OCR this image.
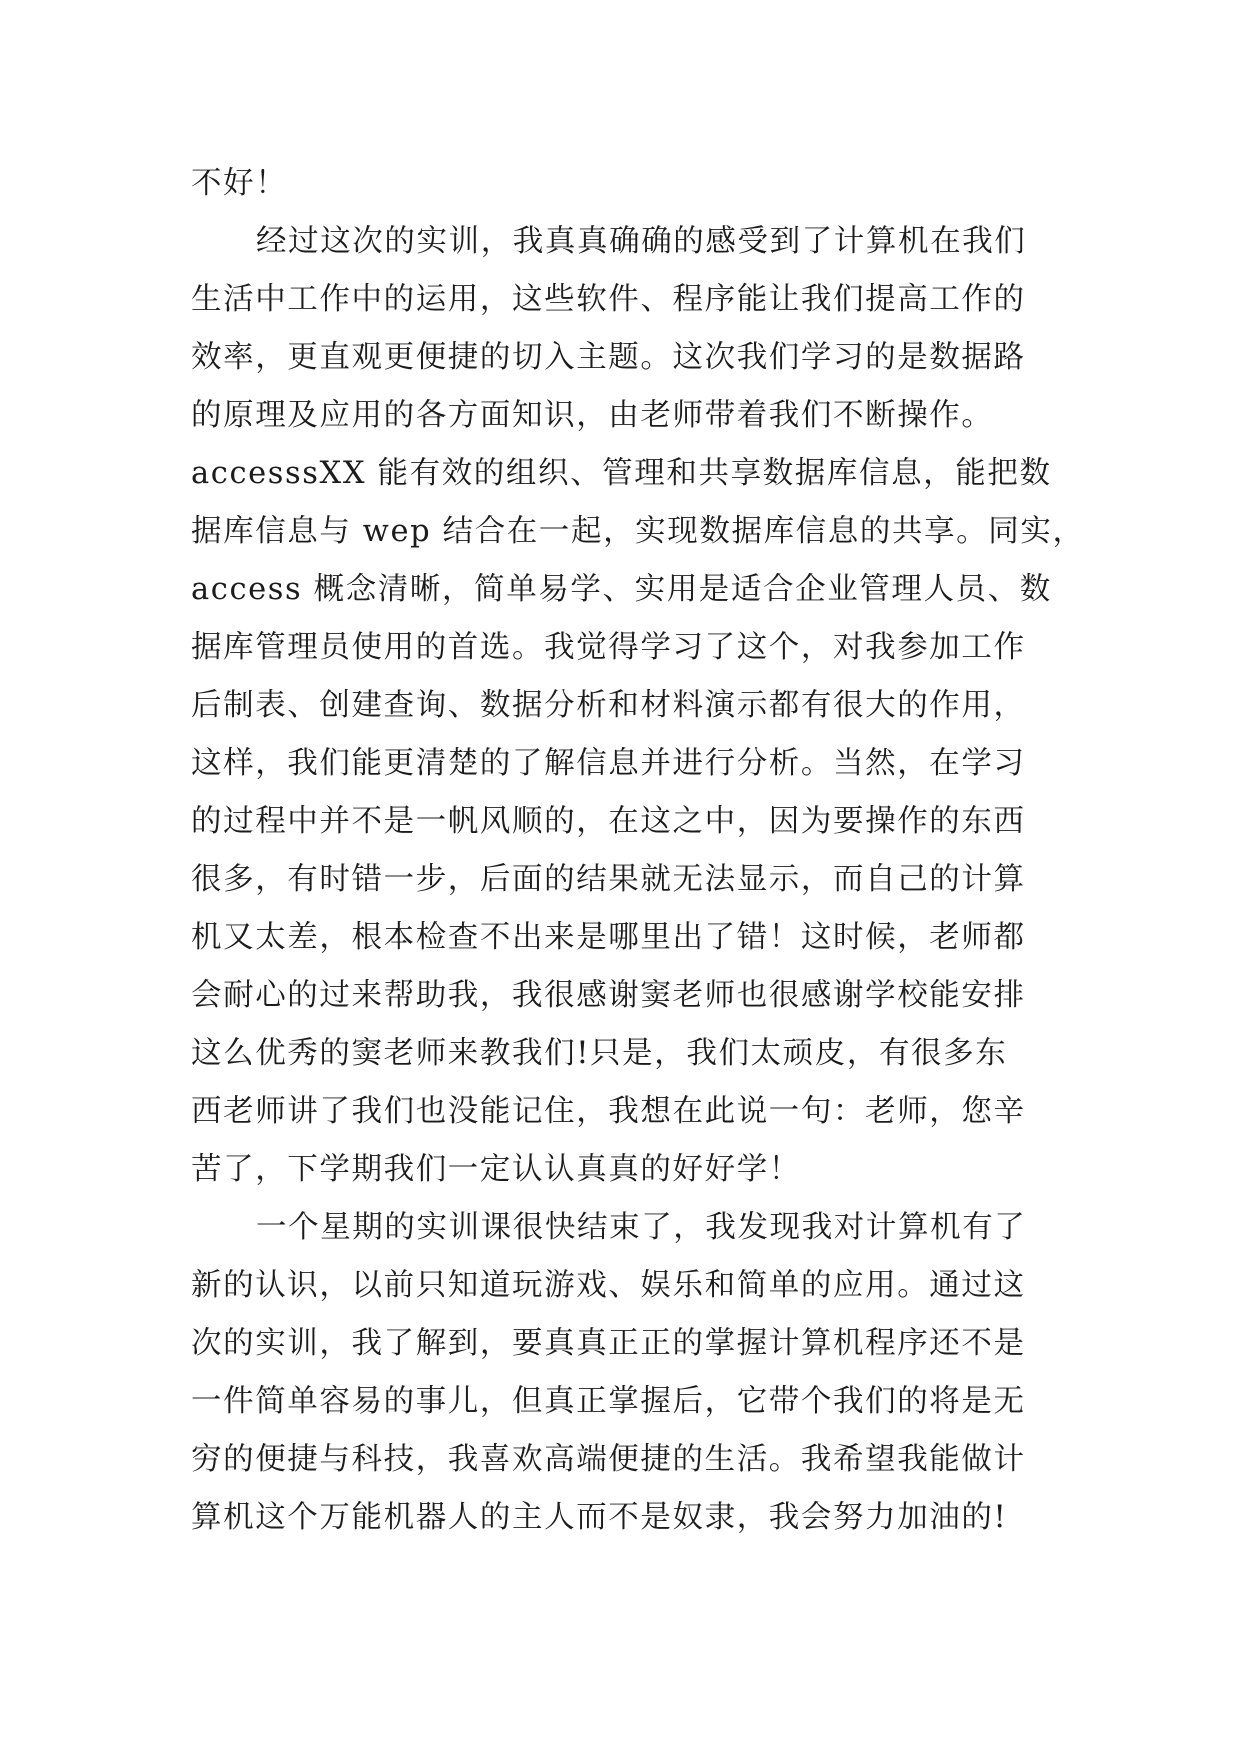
不好！
经过这次的实训，我真真确确的感受到了计算机在我们
生活中工作中的运用，这些软件、程序能让我们提高工作的
效率，更直观更便捷的切入主题。这次我们学习的是数据路
的原理及应用的各方面知识，由老师带着我们不断操作。
accesssXX 能有效的组织、管理和共享数据库信息，能把数
据库信息与 wep 结合在一起，实现数据库信息的共享。同实，
access 概念清晰，简单易学、实用是适合企业管理人员、数
据库管理员使用的首选。我觉得学习了这个，对我参加工作
后制表、创建查询、数据分析和材料演示都有很大的作用，
这样，我们能更清楚的了解信息并进行分析。当然，在学习
的过程中并不是一帆风顺的，在这之中，因为要操作的东西
很多，有时错一步，后面的结果就无法显示，而自己的计算
机又太差，根本检查不出来是哪里出了错！这时候，老师都
会耐心的过来帮助我，我很感谢窦老师也很感谢学校能安排
这么优秀的窦老师来教我们!只是，我们太顽皮，有很多东
西老师讲了我们也没能记住，我想在此说一句：老师，您辛
苦了，下学期我们一定认认真真的好好学！
一个星期的实训课很快结束了，我发现我对计算机有了
新的认识，以前只知道玩游戏、娱乐和简单的应用。通过这
次的实训，我了解到，要真真正正的掌握计算机程序还不是
一件简单容易的事儿，但真正掌握后，它带个我们的将是无
穷的便捷与科技，我喜欢高端便捷的生活。我希望我能做计
算机这个万能机器人的主人而不是奴隶，我会努力加油的!
